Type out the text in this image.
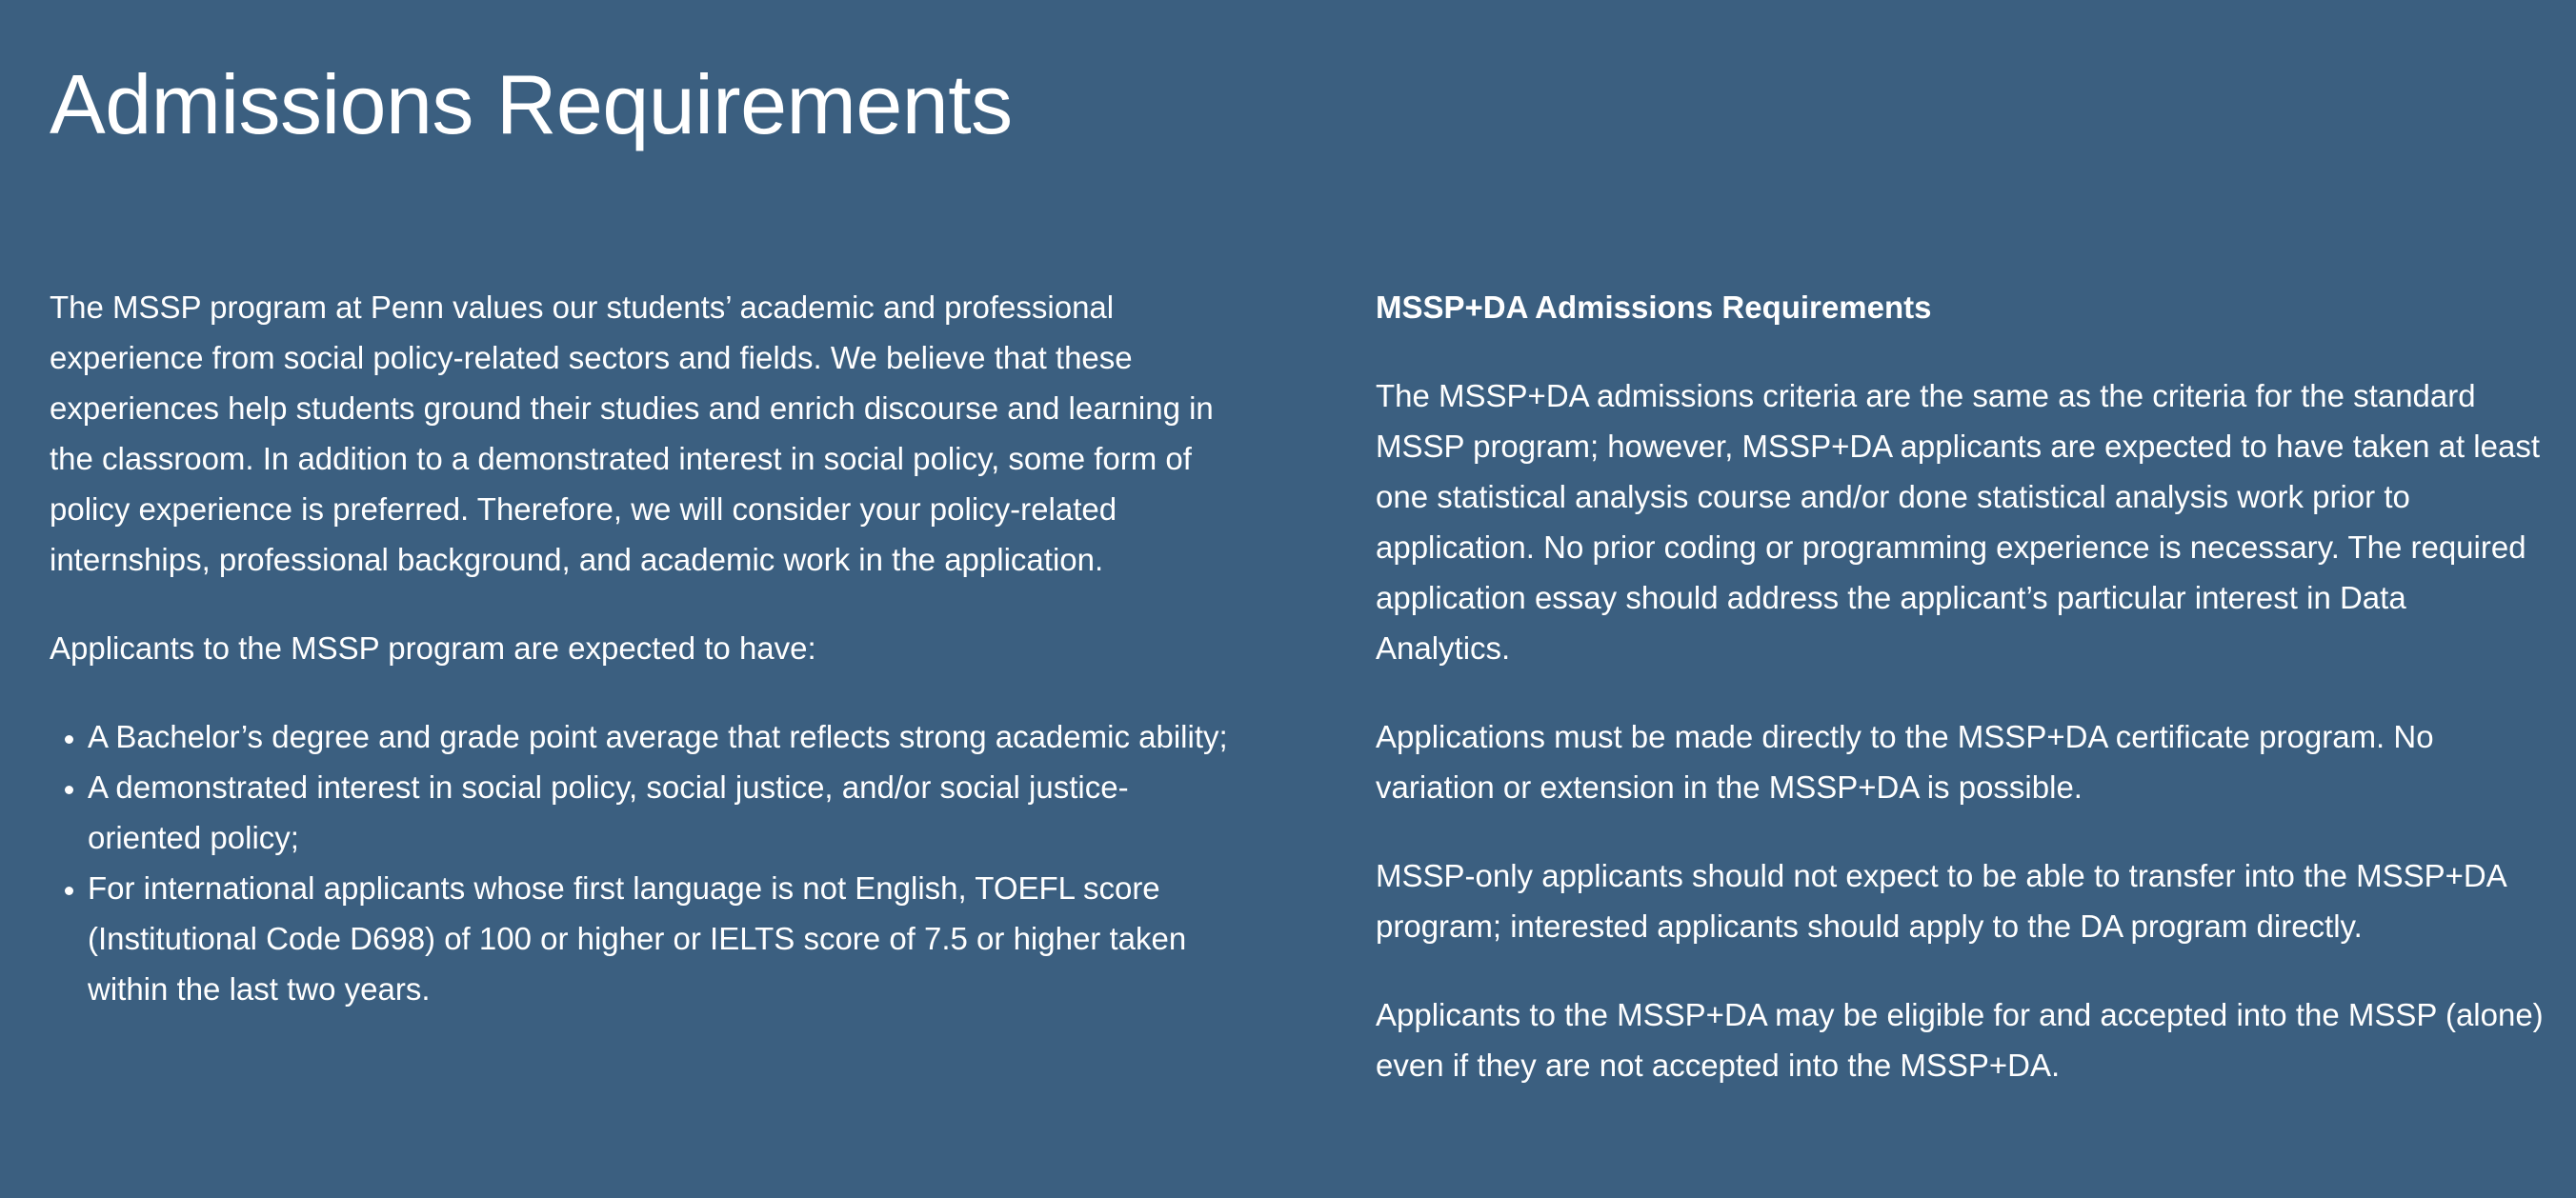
Admissions Requirements

The MSSP program at Penn values our students’ academic and professional experience from social policy-related sectors and fields. We believe that these experiences help students ground their studies and enrich discourse and learning in the classroom. In addition to a demonstrated interest in social policy, some form of policy experience is preferred. Therefore, we will consider your policy-related internships, professional background, and academic work in the application.

Applicants to the MSSP program are expected to have:

• A Bachelor’s degree and grade point average that reflects strong academic ability;
• A demonstrated interest in social policy, social justice, and/or social justice-oriented policy;
• For international applicants whose first language is not English, TOEFL score (Institutional Code D698) of 100 or higher or IELTS score of 7.5 or higher taken within the last two years.
MSSP+DA Admissions Requirements

The MSSP+DA admissions criteria are the same as the criteria for the standard MSSP program; however, MSSP+DA applicants are expected to have taken at least one statistical analysis course and/or done statistical analysis work prior to application. No prior coding or programming experience is necessary. The required application essay should address the applicant’s particular interest in Data Analytics.

Applications must be made directly to the MSSP+DA certificate program. No variation or extension in the MSSP+DA is possible.

MSSP-only applicants should not expect to be able to transfer into the MSSP+DA program; interested applicants should apply to the DA program directly.

Applicants to the MSSP+DA may be eligible for and accepted into the MSSP (alone) even if they are not accepted into the MSSP+DA.
